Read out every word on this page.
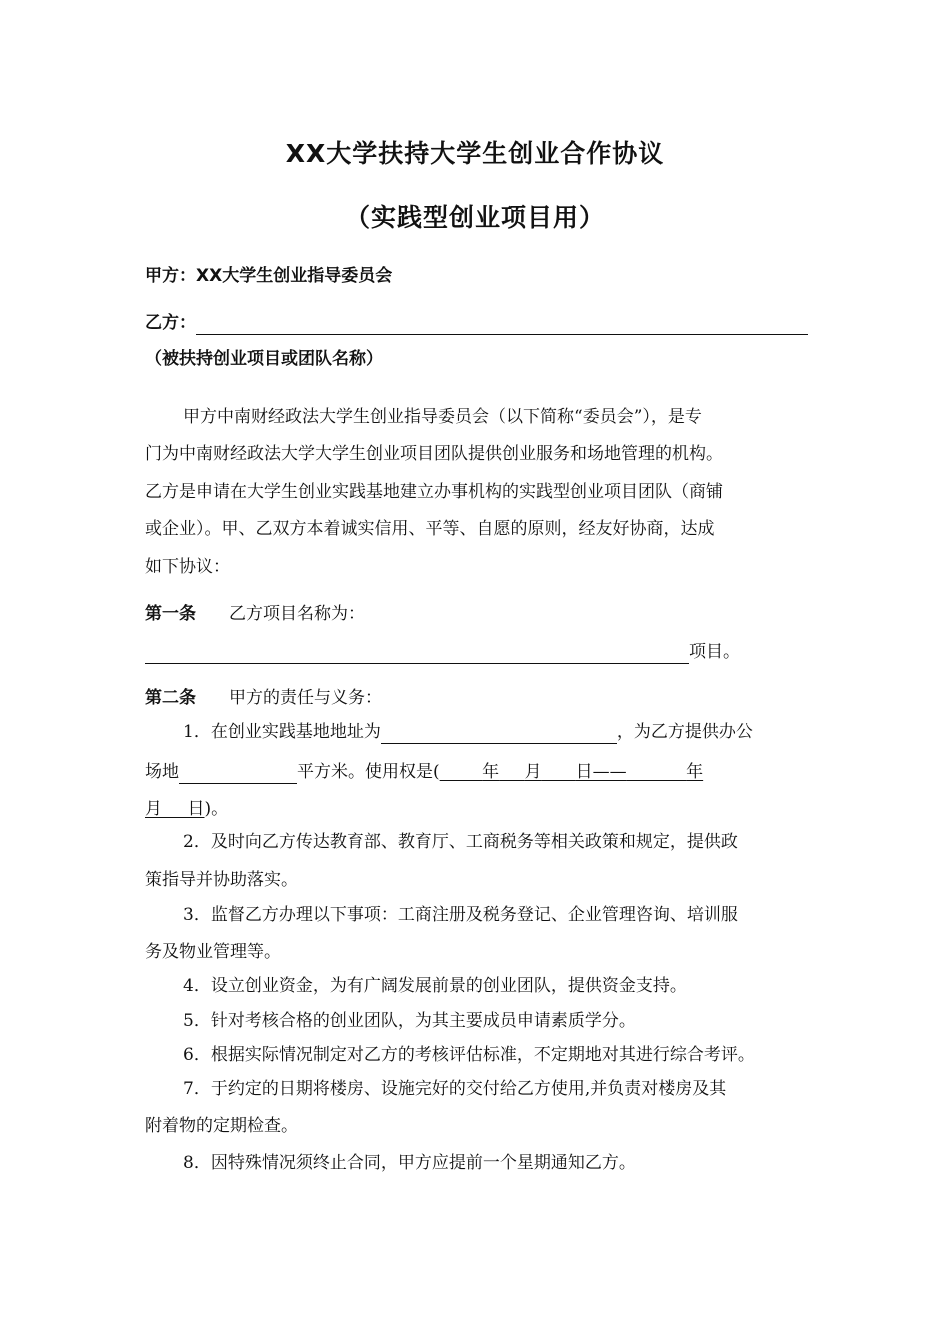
XX大学扶持大学生创业合作协议
（实践型创业项目用）
甲方：XX大学生创业指导委员会
乙方：
（被扶持创业项目或团队名称）
甲方中南财经政法大学生创业指导委员会（以下简称“委员会”），是专
门为中南财经政法大学大学生创业项目团队提供创业服务和场地管理的机构。
乙方是申请在大学生创业实践基地建立办事机构的实践型创业项目团队（商铺
或企业）。甲、乙双方本着诚实信用、平等、自愿的原则，经友好协商，达成
如下协议：
第一条 乙方项目名称为：
项目。
第二条 甲方的责任与义务：
1．在创业实践基地地址为	，为乙方提供办公
场地	平方米。使用权是(   	年   月   日——    	年
月   日)。
2．及时向乙方传达教育部、教育厅、工商税务等相关政策和规定，提供政
策指导并协助落实。
3．监督乙方办理以下事项：工商注册及税务登记、企业管理咨询、培训服
务及物业管理等。
4．设立创业资金，为有广阔发展前景的创业团队，提供资金支持。
5．针对考核合格的创业团队，为其主要成员申请素质学分。
6．根据实际情况制定对乙方的考核评估标准，不定期地对其进行综合考评。
7．于约定的日期将楼房、设施完好的交付给乙方使用,并负责对楼房及其
附着物的定期检查。
8．因特殊情况须终止合同，甲方应提前一个星期通知乙方。
